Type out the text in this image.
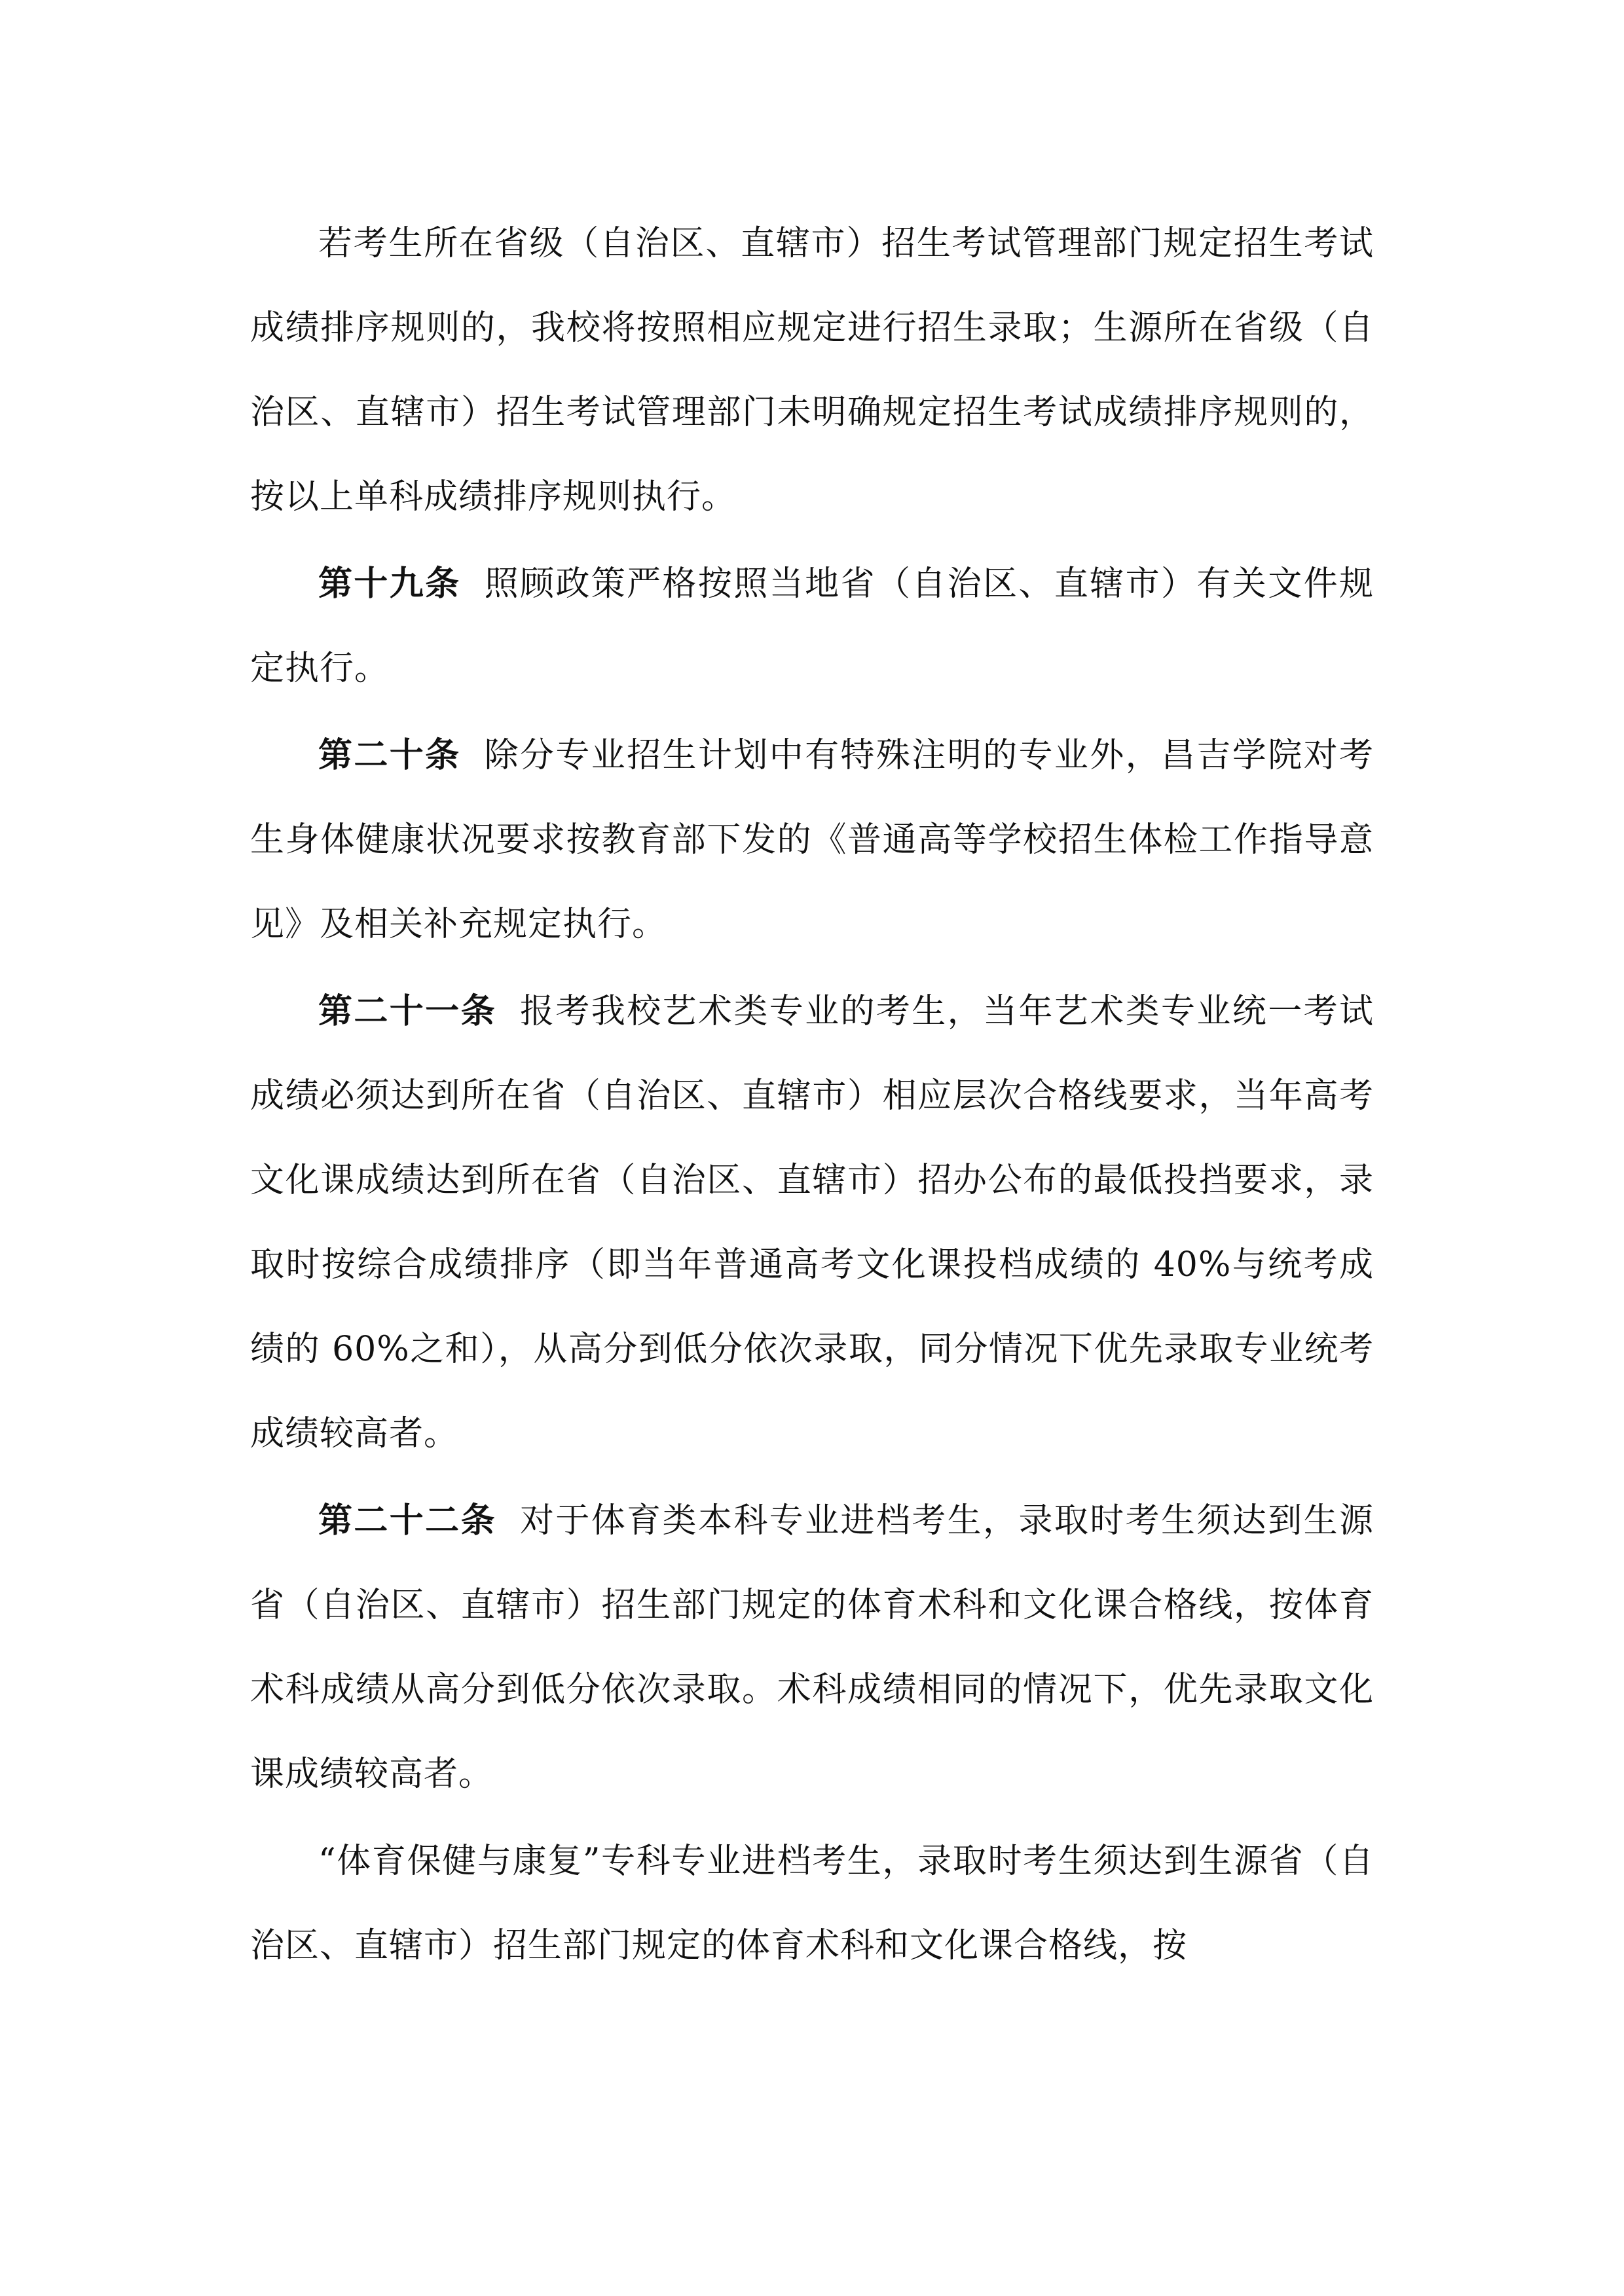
若考生所在省级（自治区、直辖市）招生考试管理部门规定招生考试成绩排序规则的，我校将按照相应规定进行招生录取；生源所在省级（自治区、直辖市）招生考试管理部门未明确规定招生考试成绩排序规则的，按以上单科成绩排序规则执行。

第十九条 照顾政策严格按照当地省（自治区、直辖市）有关文件规定执行。

第二十条 除分专业招生计划中有特殊注明的专业外，昌吉学院对考生身体健康状况要求按教育部下发的《普通高等学校招生体检工作指导意见》及相关补充规定执行。

第二十一条 报考我校艺术类专业的考生，当年艺术类专业统一考试成绩必须达到所在省（自治区、直辖市）相应层次合格线要求，当年高考文化课成绩达到所在省（自治区、直辖市）招办公布的最低投挡要求，录取时按综合成绩排序（即当年普通高考文化课投档成绩的 40%与统考成绩的 60%之和），从高分到低分依次录取，同分情况下优先录取专业统考成绩较高者。

第二十二条 对于体育类本科专业进档考生，录取时考生须达到生源省（自治区、直辖市）招生部门规定的体育术科和文化课合格线，按体育术科成绩从高分到低分依次录取。术科成绩相同的情况下，优先录取文化课成绩较高者。

“体育保健与康复”专科专业进档考生，录取时考生须达到生源省（自治区、直辖市）招生部门规定的体育术科和文化课合格线，按
